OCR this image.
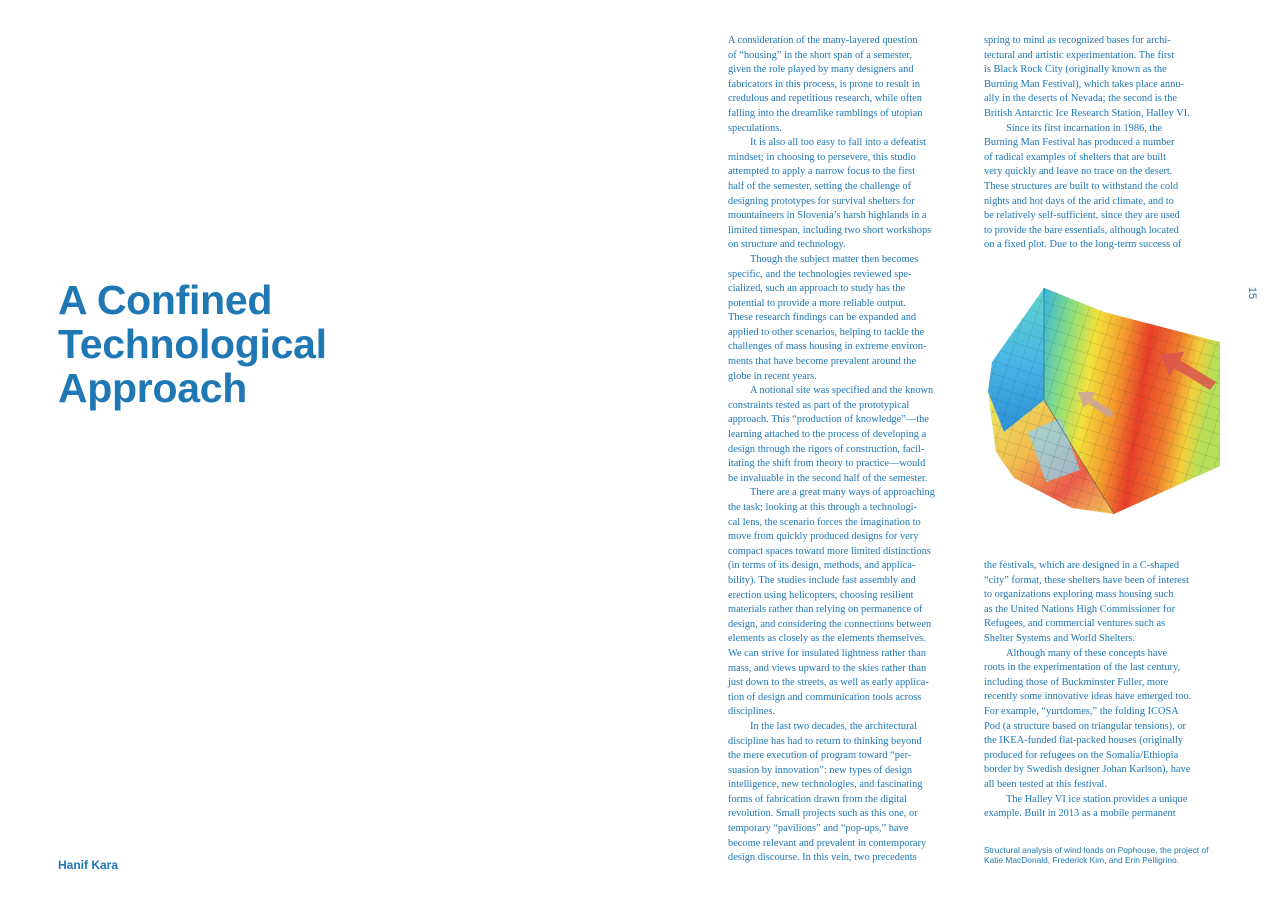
A Confined
Technological
Approach
Hanif Kara
15
A consideration of the many-layered question
of “housing” in the short span of a semester,
given the role played by many designers and
fabricators in this process, is prone to result in
credulous and repetitious research, while often
falling into the dreamlike ramblings of utopian
speculations.
It is also all too easy to fall into a defeatist
mindset; in choosing to persevere, this studio
attempted to apply a narrow focus to the first
half of the semester, setting the challenge of
designing prototypes for survival shelters for
mountaineers in Slovenia’s harsh highlands in a
limited timespan, including two short workshops
on structure and technology.
Though the subject matter then becomes
specific, and the technologies reviewed spe-
cialized, such an approach to study has the
potential to provide a more reliable output.
These research findings can be expanded and
applied to other scenarios, helping to tackle the
challenges of mass housing in extreme environ-
ments that have become prevalent around the
globe in recent years.
A notional site was specified and the known
constraints tested as part of the prototypical
approach. This “production of knowledge”—the
learning attached to the process of developing a
design through the rigors of construction, facil-
itating the shift from theory to practice—would
be invaluable in the second half of the semester.
There are a great many ways of approaching
the task; looking at this through a technologi-
cal lens, the scenario forces the imagination to
move from quickly produced designs for very
compact spaces toward more limited distinctions
(in terms of its design, methods, and applica-
bility). The studies include fast assembly and
erection using helicopters, choosing resilient
materials rather than relying on permanence of
design, and considering the connections between
elements as closely as the elements themselves.
We can strive for insulated lightness rather than
mass, and views upward to the skies rather than
just down to the streets, as well as early applica-
tion of design and communication tools across
disciplines.
In the last two decades, the architectural
discipline has had to return to thinking beyond
the mere execution of program toward “per-
suasion by innovation”: new types of design
intelligence, new technologies, and fascinating
forms of fabrication drawn from the digital
revolution. Small projects such as this one, or
temporary “pavilions” and “pop-ups,” have
become relevant and prevalent in contemporary
design discourse. In this vein, two precedents
spring to mind as recognized bases for archi-
tectural and artistic experimentation. The first
is Black Rock City (originally known as the
Burning Man Festival), which takes place annu-
ally in the deserts of Nevada; the second is the
British Antarctic Ice Research Station, Halley VI.
Since its first incarnation in 1986, the
Burning Man Festival has produced a number
of radical examples of shelters that are built
very quickly and leave no trace on the desert.
These structures are built to withstand the cold
nights and hot days of the arid climate, and to
be relatively self-sufficient, since they are used
to provide the bare essentials, although located
on a fixed plot. Due to the long-term success of
the festivals, which are designed in a C-shaped
“city” format, these shelters have been of interest
to organizations exploring mass housing such
as the United Nations High Commissioner for
Refugees, and commercial ventures such as
Shelter Systems and World Shelters.
Although many of these concepts have
roots in the experimentation of the last century,
including those of Buckminster Fuller, more
recently some innovative ideas have emerged too.
For example, “yurtdomes,” the folding ICOSA
Pod (a structure based on triangular tensions), or
the IKEA-funded flat-packed houses (originally
produced for refugees on the Somalia/Ethiopia
border by Swedish designer Johan Karlson), have
all been tested at this festival.
The Halley VI ice station provides a unique
example. Built in 2013 as a mobile permanent
Structural analysis of wind loads on Pophouse, the project of
Katie MacDonald, Frederick Kim, and Erin Pelligrino.
